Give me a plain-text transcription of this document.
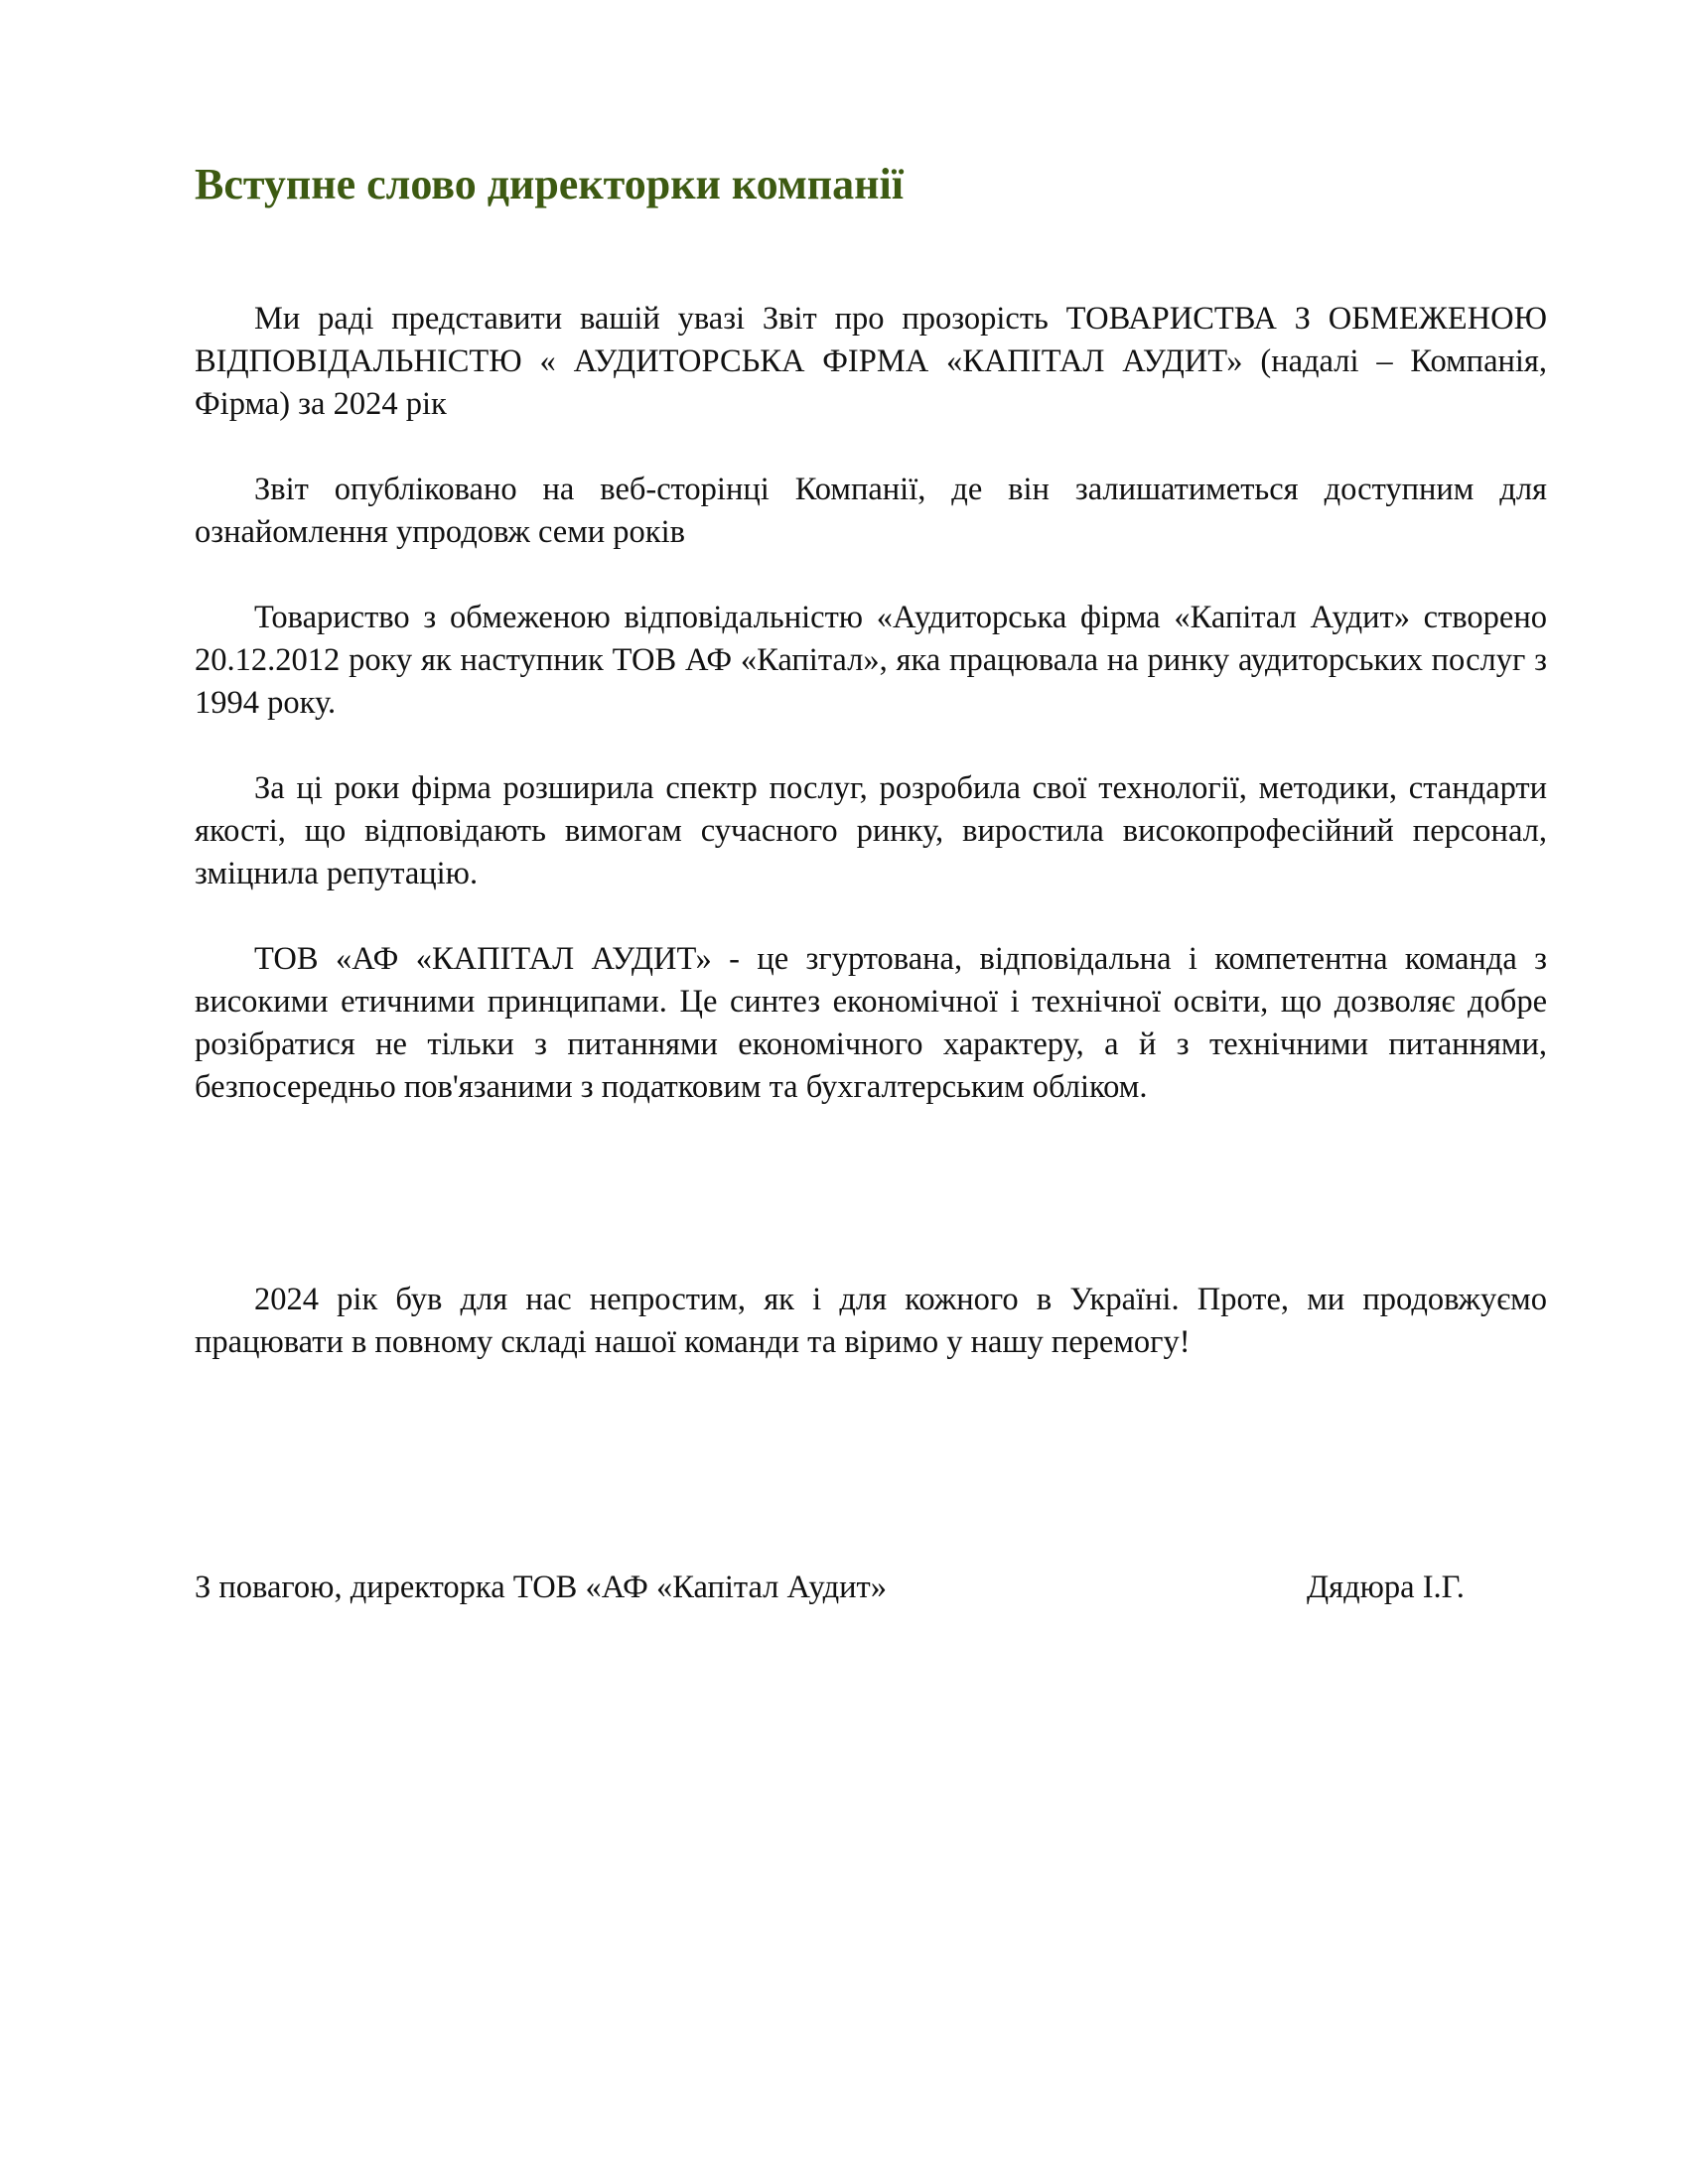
Вступне слово директорки компанії

Ми раді представити вашій увазі Звіт про прозорість ТОВАРИСТВА З ОБМЕЖЕНОЮ ВІДПОВІДАЛЬНІСТЮ « АУДИТОРСЬКА ФІРМА «КАПІТАЛ АУДИТ» (надалі – Компанія, Фірма) за 2024 рік

Звіт опубліковано на веб-сторінці Компанії, де він залишатиметься доступним для ознайомлення упродовж семи років

Товариство з обмеженою відповідальністю «Аудиторська фірма «Капітал Аудит» створено 20.12.2012 року як наступник ТОВ АФ «Капітал», яка працювала на ринку аудиторських послуг з 1994 року.

За ці роки фірма розширила спектр послуг, розробила свої технології, методики, стандарти якості, що відповідають вимогам сучасного ринку, виростила високопрофесійний персонал, зміцнила репутацію.

ТОВ «АФ «КАПІТАЛ АУДИТ» - це згуртована, відповідальна і компетентна команда з високими етичними принципами. Це синтез економічної і технічної освіти, що дозволяє добре розібратися не тільки з питаннями економічного характеру, а й з технічними питаннями, безпосередньо пов'язаними з податковим та бухгалтерським обліком.

2024 рік був для нас непростим, як і для кожного в Україні. Проте, ми продовжуємо працювати в повному складі нашої команди та віримо у нашу перемогу!

З повагою, директорка ТОВ «АФ «Капітал Аудит»	Дядюра І.Г.
